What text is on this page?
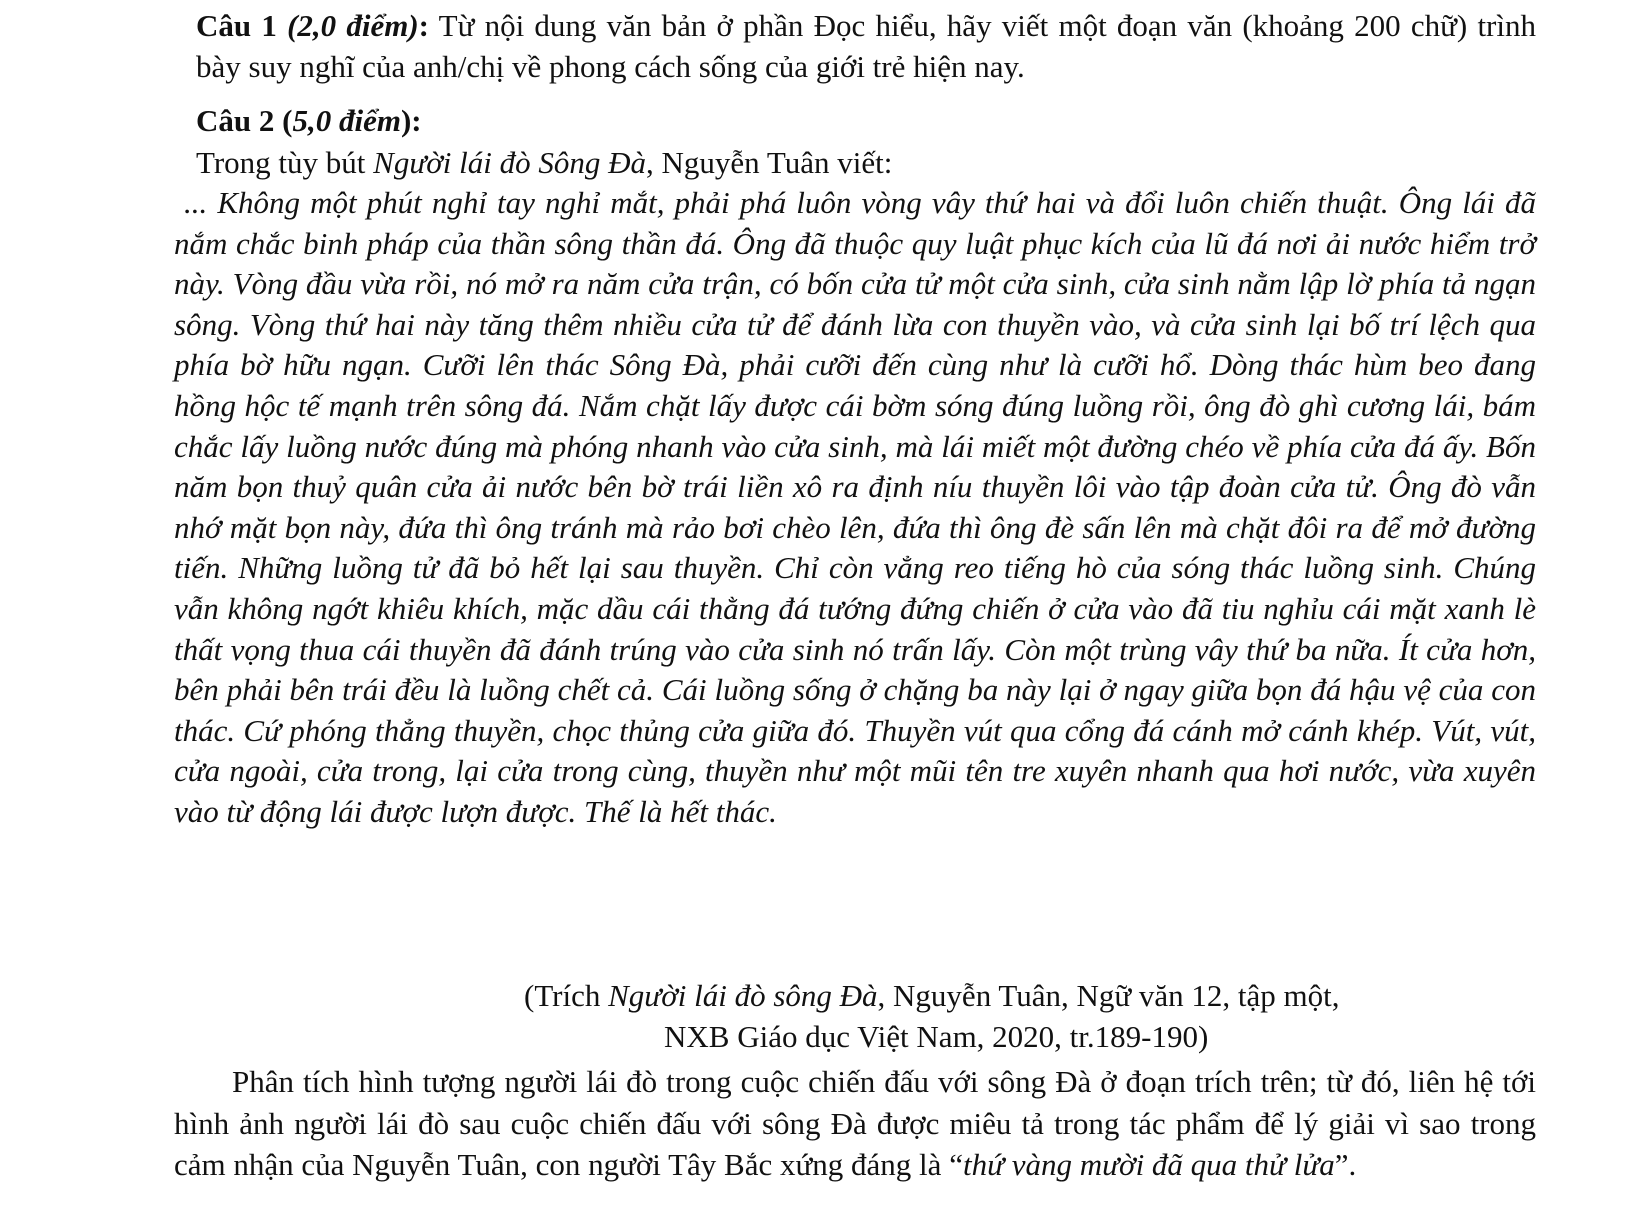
Câu 1 (2,0 điểm): Từ nội dung văn bản ở phần Đọc hiểu, hãy viết một đoạn văn (khoảng 200 chữ) trình bày suy nghĩ của anh/chị về phong cách sống của giới trẻ hiện nay.

Câu 2 (5,0 điểm):

Trong tùy bút Người lái đò Sông Đà, Nguyễn Tuân viết:

... Không một phút nghỉ tay nghỉ mắt, phải phá luôn vòng vây thứ hai và đổi luôn chiến thuật. Ông lái đã nắm chắc binh pháp của thần sông thần đá. Ông đã thuộc quy luật phục kích của lũ đá nơi ải nước hiểm trở này. Vòng đầu vừa rồi, nó mở ra năm cửa trận, có bốn cửa tử một cửa sinh, cửa sinh nằm lập lờ phía tả ngạn sông. Vòng thứ hai này tăng thêm nhiều cửa tử để đánh lừa con thuyền vào, và cửa sinh lại bố trí lệch qua phía bờ hữu ngạn. Cưỡi lên thác Sông Đà, phải cưỡi đến cùng như là cưỡi hổ. Dòng thác hùm beo đang hồng hộc tế mạnh trên sông đá. Nắm chặt lấy được cái bờm sóng đúng luồng rồi, ông đò ghì cương lái, bám chắc lấy luồng nước đúng mà phóng nhanh vào cửa sinh, mà lái miết một đường chéo về phía cửa đá ấy. Bốn năm bọn thuỷ quân cửa ải nước bên bờ trái liền xô ra định níu thuyền lôi vào tập đoàn cửa tử. Ông đò vẫn nhớ mặt bọn này, đứa thì ông tránh mà rảo bơi chèo lên, đứa thì ông đè sấn lên mà chặt đôi ra để mở đường tiến. Những luồng tử đã bỏ hết lại sau thuyền. Chỉ còn vẳng reo tiếng hò của sóng thác luồng sinh. Chúng vẫn không ngớt khiêu khích, mặc dầu cái thằng đá tướng đứng chiến ở cửa vào đã tiu nghỉu cái mặt xanh lè thất vọng thua cái thuyền đã đánh trúng vào cửa sinh nó trấn lấy. Còn một trùng vây thứ ba nữa. Ít cửa hơn, bên phải bên trái đều là luồng chết cả. Cái luồng sống ở chặng ba này lại ở ngay giữa bọn đá hậu vệ của con thác. Cứ phóng thẳng thuyền, chọc thủng cửa giữa đó. Thuyền vút qua cổng đá cánh mở cánh khép. Vút, vút, cửa ngoài, cửa trong, lại cửa trong cùng, thuyền như một mũi tên tre xuyên nhanh qua hơi nước, vừa xuyên vào từ động lái được lượn được. Thế là hết thác.

(Trích Người lái đò sông Đà, Nguyễn Tuân, Ngữ văn 12, tập một,
NXB Giáo dục Việt Nam, 2020, tr.189-190)

Phân tích hình tượng người lái đò trong cuộc chiến đấu với sông Đà ở đoạn trích trên; từ đó, liên hệ tới hình ảnh người lái đò sau cuộc chiến đấu với sông Đà được miêu tả trong tác phẩm để lý giải vì sao trong cảm nhận của Nguyễn Tuân, con người Tây Bắc xứng đáng là “thứ vàng mười đã qua thử lửa”.
